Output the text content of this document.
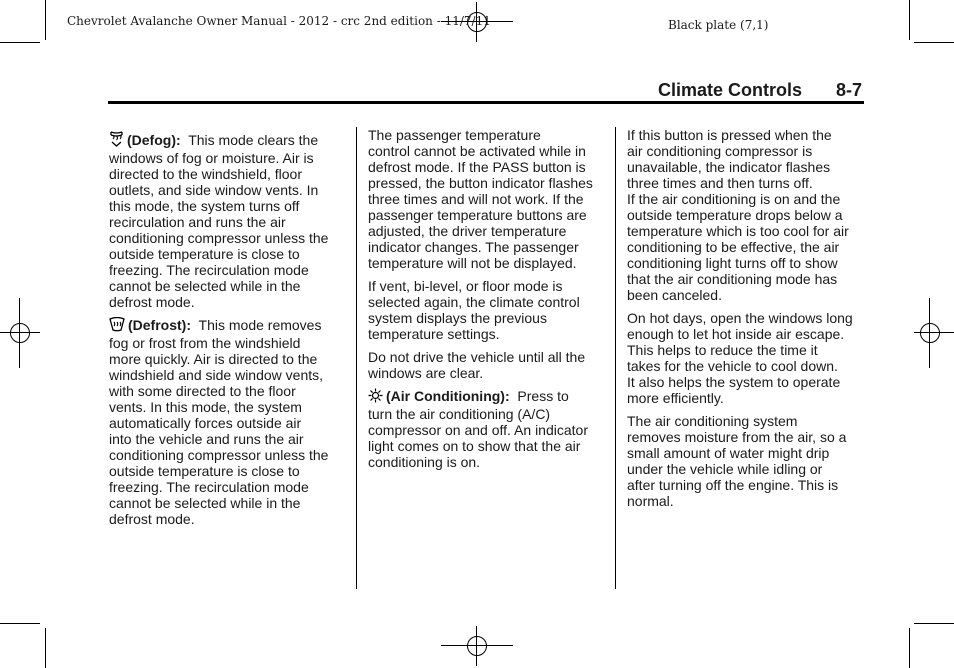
Chevrolet Avalanche Owner Manual - 2012 - crc 2nd edition - 11/7/11	Black plate (7,1)
Climate Controls 8-7

(Defog): This mode clears the
windows of fog or moisture. Air is
directed to the windshield, floor
outlets, and side window vents. In
this mode, the system turns off
recirculation and runs the air
conditioning compressor unless the
outside temperature is close to
freezing. The recirculation mode
cannot be selected while in the
defrost mode.

(Defrost): This mode removes
fog or frost from the windshield
more quickly. Air is directed to the
windshield and side window vents,
with some directed to the floor
vents. In this mode, the system
automatically forces outside air
into the vehicle and runs the air
conditioning compressor unless the
outside temperature is close to
freezing. The recirculation mode
cannot be selected while in the
defrost mode.

The passenger temperature
control cannot be activated while in
defrost mode. If the PASS button is
pressed, the button indicator flashes
three times and will not work. If the
passenger temperature buttons are
adjusted, the driver temperature
indicator changes. The passenger
temperature will not be displayed.

If vent, bi-level, or floor mode is
selected again, the climate control
system displays the previous
temperature settings.

Do not drive the vehicle until all the
windows are clear.

(Air Conditioning): Press to
turn the air conditioning (A/C)
compressor on and off. An indicator
light comes on to show that the air
conditioning is on.

If this button is pressed when the
air conditioning compressor is
unavailable, the indicator flashes
three times and then turns off.
If the air conditioning is on and the
outside temperature drops below a
temperature which is too cool for air
conditioning to be effective, the air
conditioning light turns off to show
that the air conditioning mode has
been canceled.

On hot days, open the windows long
enough to let hot inside air escape.
This helps to reduce the time it
takes for the vehicle to cool down.
It also helps the system to operate
more efficiently.

The air conditioning system
removes moisture from the air, so a
small amount of water might drip
under the vehicle while idling or
after turning off the engine. This is
normal.
